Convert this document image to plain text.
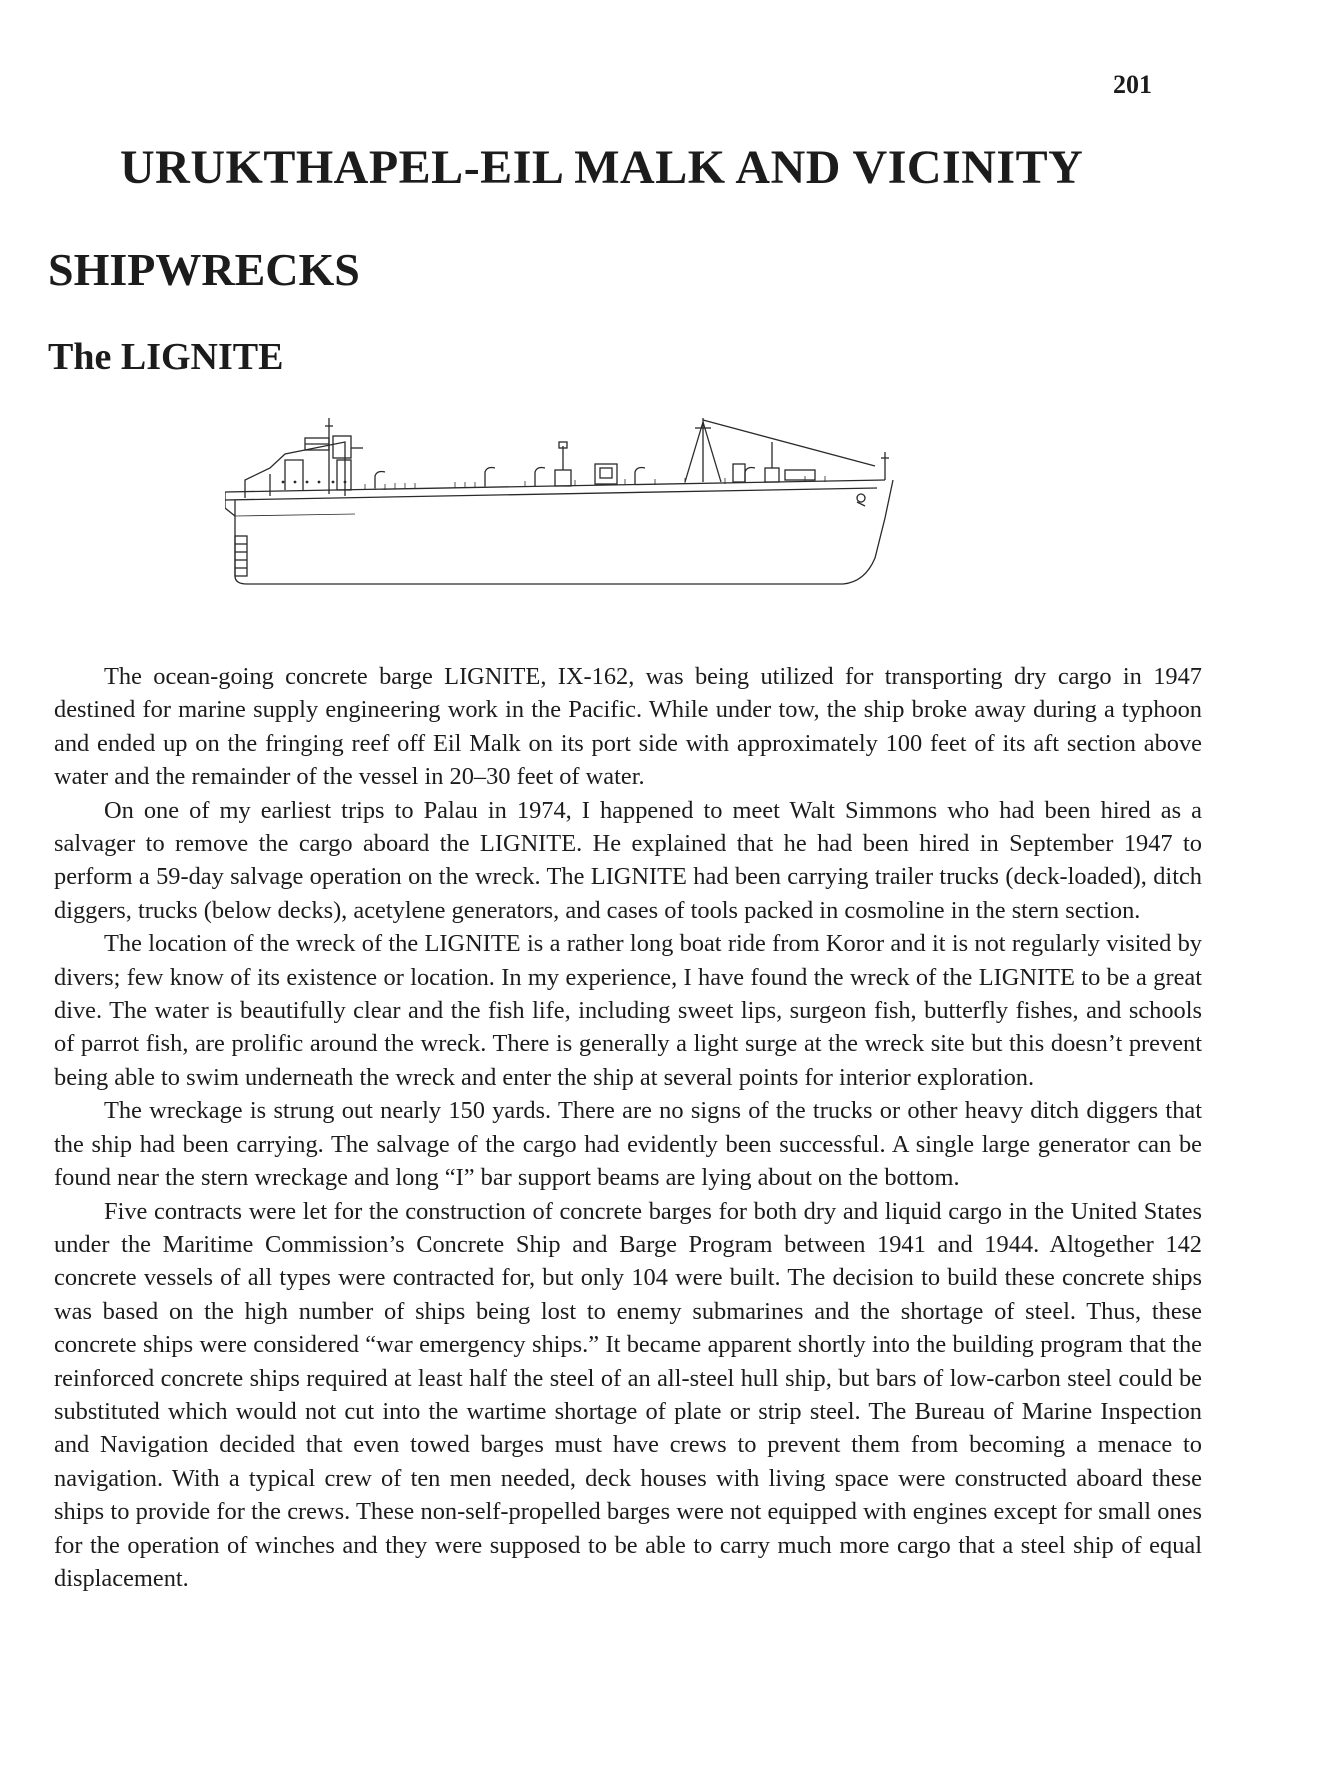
201
URUKTHAPEL-EIL MALK AND VICINITY
SHIPWRECKS
The LIGNITE

The ocean-going concrete barge LIGNITE, IX-162, was being utilized for transporting dry cargo in 1947 destined for marine supply engineering work in the Pacific. While under tow, the ship broke away during a typhoon and ended up on the fringing reef off Eil Malk on its port side with approximately 100 feet of its aft section above water and the remainder of the vessel in 20–30 feet of water.

On one of my earliest trips to Palau in 1974, I happened to meet Walt Simmons who had been hired as a salvager to remove the cargo aboard the LIGNITE. He explained that he had been hired in September 1947 to perform a 59-day salvage operation on the wreck. The LIGNITE had been carrying trailer trucks (deck-loaded), ditch diggers, trucks (below decks), acetylene generators, and cases of tools packed in cosmoline in the stern section.

The location of the wreck of the LIGNITE is a rather long boat ride from Koror and it is not regularly visited by divers; few know of its existence or location. In my experience, I have found the wreck of the LIGNITE to be a great dive. The water is beautifully clear and the fish life, including sweet lips, surgeon fish, butterfly fishes, and schools of parrot fish, are prolific around the wreck. There is generally a light surge at the wreck site but this doesn’t prevent being able to swim underneath the wreck and enter the ship at several points for interior exploration.

The wreckage is strung out nearly 150 yards. There are no signs of the trucks or other heavy ditch diggers that the ship had been carrying. The salvage of the cargo had evidently been successful. A single large generator can be found near the stern wreckage and long “I” bar support beams are lying about on the bottom.

Five contracts were let for the construction of concrete barges for both dry and liquid cargo in the United States under the Maritime Commission’s Concrete Ship and Barge Program between 1941 and 1944. Altogether 142 concrete vessels of all types were contracted for, but only 104 were built. The decision to build these concrete ships was based on the high number of ships being lost to enemy submarines and the shortage of steel. Thus, these concrete ships were considered “war emergency ships.” It became apparent shortly into the building program that the reinforced concrete ships required at least half the steel of an all-steel hull ship, but bars of low-carbon steel could be substituted which would not cut into the wartime shortage of plate or strip steel. The Bureau of Marine Inspection and Navigation decided that even towed barges must have crews to prevent them from becoming a menace to navigation. With a typical crew of ten men needed, deck houses with living space were constructed aboard these ships to provide for the crews. These non-self-propelled barges were not equipped with engines except for small ones for the operation of winches and they were supposed to be able to carry much more cargo that a steel ship of equal displacement.
